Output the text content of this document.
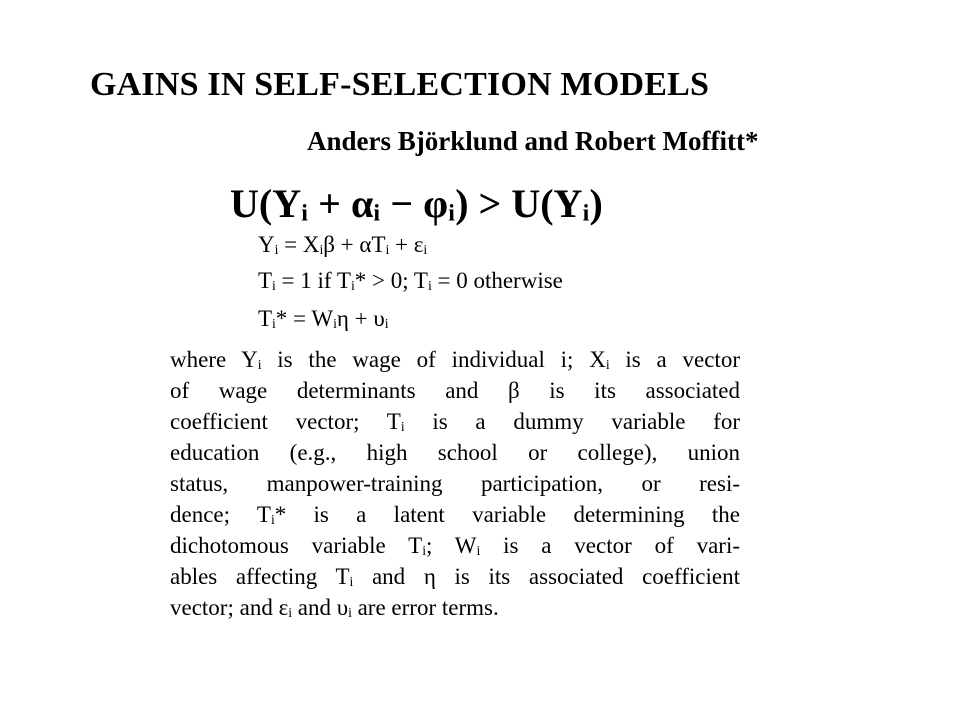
GAINS IN SELF-SELECTION MODELS
Anders Björklund and Robert Moffitt*
U(Yᵢ + αᵢ − φᵢ) > U(Yᵢ)
Yᵢ = Xᵢβ + αTᵢ + εᵢ
Tᵢ = 1 if Tᵢ* > 0; Tᵢ = 0 otherwise
Tᵢ* = Wᵢη + υᵢ
where Yᵢ is the wage of individual i; Xᵢ is a vector
of wage determinants and β is its associated
coefficient vector; Tᵢ is a dummy variable for
education (e.g., high school or college), union
status, manpower-training participation, or resi-
dence; Tᵢ* is a latent variable determining the
dichotomous variable Tᵢ; Wᵢ is a vector of vari-
ables affecting Tᵢ and η is its associated coefficient
vector; and εᵢ and υᵢ are error terms.
